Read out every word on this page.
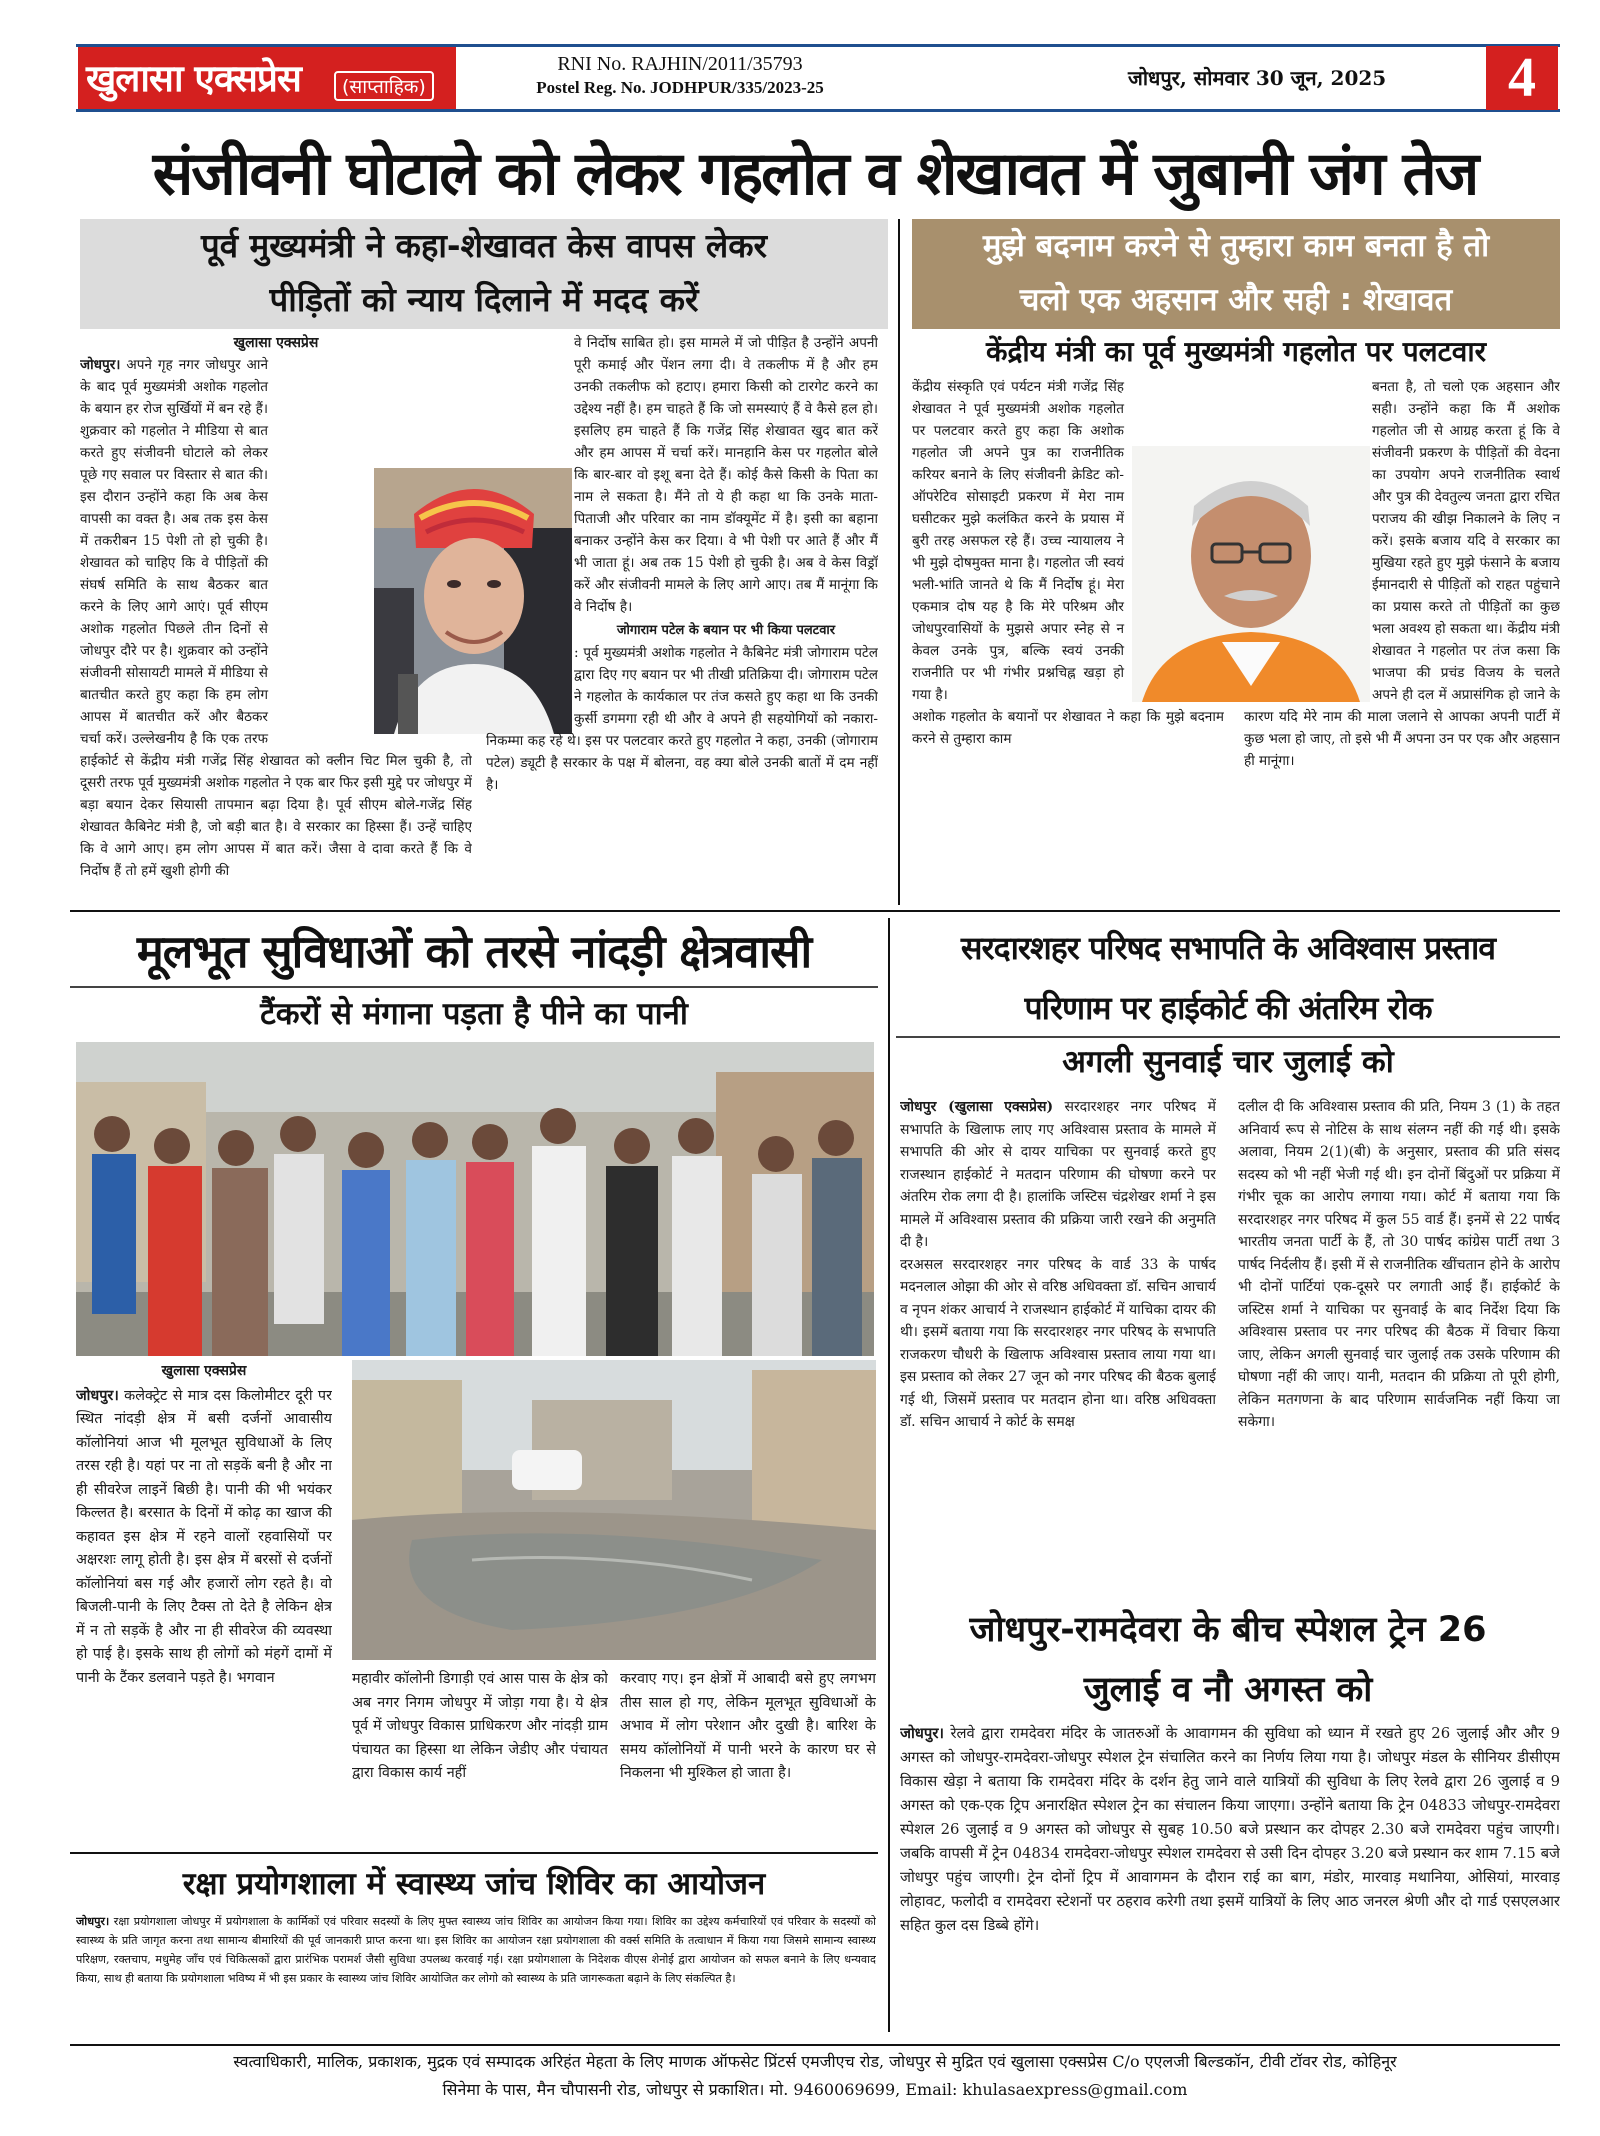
खुलासा एक्सप्रेस	(साप्ताहिक)
RNI No. RAJHIN/2011/35793
Postel Reg. No. JODHPUR/335/2023-25	जोधपुर, सोमवार 30 जून, 2025	4
संजीवनी घोटाले को लेकर गहलोत व शेखावत में जुबानी जंग तेज
पूर्व मुख्यमंत्री ने कहा-शेखावत केस वापस लेकर
पीड़ितों को न्याय दिलाने में मदद करें
खुलासा एक्सप्रेस
जोधपुर। अपने गृह नगर जोधपुर आने के बाद पूर्व मुख्यमंत्री अशोक गहलोत के बयान हर रोज सुर्खियों में बन रहे हैं। शुक्रवार को गहलोत ने मीडिया से बात करते हुए संजीवनी घोटाले को लेकर पूछे गए सवाल पर विस्तार से बात की। इस दौरान उन्होंने कहा कि अब केस वापसी का वक्त है। अब तक इस केस में तकरीबन 15 पेशी तो हो चुकी है। शेखावत को चाहिए कि वे पीड़ितों की संघर्ष समिति के साथ बैठकर बात करने के लिए आगे आएं। पूर्व सीएम अशोक गहलोत पिछले तीन दिनों से जोधपुर दौरे पर है। शुक्रवार को उन्होंने संजीवनी सोसायटी मामले में मीडिया से बातचीत करते हुए कहा कि हम लोग आपस में बातचीत करें और बैठकर चर्चा करें। उल्लेखनीय है कि एक तरफ हाईकोर्ट से केंद्रीय मंत्री गजेंद्र सिंह शेखावत को क्लीन चिट मिल चुकी है, तो दूसरी तरफ पूर्व मुख्यमंत्री अशोक गहलोत ने एक बार फिर इसी मुद्दे पर जोधपुर में बड़ा बयान देकर सियासी तापमान बढ़ा दिया है। पूर्व सीएम बोले-गजेंद्र सिंह शेखावत कैबिनेट मंत्री है, जो बड़ी बात है। वे सरकार का हिस्सा हैं। उन्हें चाहिए कि वे आगे आए। हम लोग आपस में बात करें। जैसा वे दावा करते हैं कि वे निर्दोष हैं तो हमें खुशी होगी की
वे निर्दोष साबित हो। इस मामले में जो पीड़ित है उन्होंने अपनी पूरी कमाई और पेंशन लगा दी। वे तकलीफ में है और हम उनकी तकलीफ को हटाए। हमारा किसी को टारगेट करने का उद्देश्य नहीं है। हम चाहते हैं कि जो समस्याएं हैं वे कैसे हल हो। इसलिए हम चाहते हैं कि गजेंद्र सिंह शेखावत खुद बात करें और हम आपस में चर्चा करें। मानहानि केस पर गहलोत बोले कि बार-बार वो इशू बना देते हैं। कोई कैसे किसी के पिता का नाम ले सकता है। मैंने तो ये ही कहा था कि उनके माता-पिताजी और परिवार का नाम डॉक्यूमेंट में है। इसी का बहाना बनाकर उन्होंने केस कर दिया। वे भी पेशी पर आते हैं और मैं भी जाता हूं। अब तक 15 पेशी हो चुकी है। अब वे केस विड्रॉ करें और संजीवनी मामले के लिए आगे आए। तब मैं मानूंगा कि वे निर्दोष है।
जोगाराम पटेल के बयान पर भी किया पलटवार
: पूर्व मुख्यमंत्री अशोक गहलोत ने कैबिनेट मंत्री जोगाराम पटेल द्वारा दिए गए बयान पर भी तीखी प्रतिक्रिया दी। जोगाराम पटेल ने गहलोत के कार्यकाल पर तंज कसते हुए कहा था कि उनकी कुर्सी डगमगा रही थी और वे अपने ही सहयोगियों को नकारा-निकम्मा कह रहे थे। इस पर पलटवार करते हुए गहलोत ने कहा, उनकी (जोगाराम पटेल) ड्यूटी है सरकार के पक्ष में बोलना, वह क्या बोले उनकी बातों में दम नहीं है।
मुझे बदनाम करने से तुम्हारा काम बनता है तो
चलो एक अहसान और सही : शेखावत
केंद्रीय मंत्री का पूर्व मुख्यमंत्री गहलोत पर पलटवार
केंद्रीय संस्कृति एवं पर्यटन मंत्री गजेंद्र सिंह शेखावत ने पूर्व मुख्यमंत्री अशोक गहलोत पर पलटवार करते हुए कहा कि अशोक गहलोत जी अपने पुत्र का राजनीतिक करियर बनाने के लिए संजीवनी क्रेडिट को-ऑपरेटिव सोसाइटी प्रकरण में मेरा नाम घसीटकर मुझे कलंकित करने के प्रयास में बुरी तरह असफल रहे हैं। उच्च न्यायालय ने भी मुझे दोषमुक्त माना है। गहलोत जी स्वयं भली-भांति जानते थे कि मैं निर्दोष हूं। मेरा एकमात्र दोष यह है कि मेरे परिश्रम और जोधपुरवासियों के मुझसे अपार स्नेह से न केवल उनके पुत्र, बल्कि स्वयं उनकी राजनीति पर भी गंभीर प्रश्नचिह्न खड़ा हो गया है।
अशोक गहलोत के बयानों पर शेखावत ने कहा कि मुझे बदनाम करने से तुम्हारा काम
बनता है, तो चलो एक अहसान और सही। उन्होंने कहा कि मैं अशोक गहलोत जी से आग्रह करता हूं कि वे संजीवनी प्रकरण के पीड़ितों की वेदना का उपयोग अपने राजनीतिक स्वार्थ और पुत्र की देवतुल्य जनता द्वारा रचित पराजय की खीझ निकालने के लिए न करें। इसके बजाय यदि वे सरकार का मुखिया रहते हुए मुझे फंसाने के बजाय ईमानदारी से पीड़ितों को राहत पहुंचाने का प्रयास करते तो पीड़ितों का कुछ भला अवश्य हो सकता था। केंद्रीय मंत्री शेखावत ने गहलोत पर तंज कसा कि भाजपा की प्रचंड विजय के चलते अपने ही दल में अप्रासंगिक हो जाने के कारण यदि मेरे नाम की माला जलाने से आपका अपनी पार्टी में कुछ भला हो जाए, तो इसे भी मैं अपना उन पर एक और अहसान ही मानूंगा।
मूलभूत सुविधाओं को तरसे नांदड़ी क्षेत्रवासी
टैंकरों से मंगाना पड़ता है पीने का पानी
खुलासा एक्सप्रेस
जोधपुर। कलेक्ट्रेट से मात्र दस किलोमीटर दूरी पर स्थित नांदड़ी क्षेत्र में बसी दर्जनों आवासीय कॉलोनियां आज भी मूलभूत सुविधाओं के लिए तरस रही है। यहां पर ना तो सड़कें बनी है और ना ही सीवरेज लाइनें बिछी है। पानी की भी भयंकर किल्लत है। बरसात के दिनों में कोढ़ का खाज की कहावत इस क्षेत्र में रहने वालों रहवासियों पर अक्षरशः लागू होती है। इस क्षेत्र में बरसों से दर्जनों कॉलोनियां बस गई और हजारों लोग रहते है। वो बिजली-पानी के लिए टैक्स तो देते है लेकिन क्षेत्र में न तो सड़कें है और ना ही सीवरेज की व्यवस्था हो पाई है। इसके साथ ही लोगों को मंहगें दामों में पानी के टैंकर डलवाने पड़ते है। भगवान	महावीर कॉलोनी डिगाड़ी एवं आस पास के क्षेत्र को अब नगर निगम जोधपुर में जोड़ा गया है। ये क्षेत्र पूर्व में जोधपुर विकास प्राधिकरण और नांदड़ी ग्राम पंचायत का हिस्सा था लेकिन जेडीए और पंचायत द्वारा विकास कार्य नहीं
करवाए गए। इन क्षेत्रों में आबादी बसे हुए लगभग तीस साल हो गए, लेकिन मूलभूत सुविधाओं के अभाव में लोग परेशान और दुखी है। बारिश के समय कॉलोनियों में पानी भरने के कारण घर से निकलना भी मुश्किल हो जाता है।
सरदारशहर परिषद सभापति के अविश्वास प्रस्ताव
परिणाम पर हाईकोर्ट की अंतरिम रोक
अगली सुनवाई चार जुलाई को
जोधपुर (खुलासा एक्सप्रेस) सरदारशहर नगर परिषद में सभापति के खिलाफ लाए गए अविश्वास प्रस्ताव के मामले में सभापति की ओर से दायर याचिका पर सुनवाई करते हुए राजस्थान हाईकोर्ट ने मतदान परिणाम की घोषणा करने पर अंतरिम रोक लगा दी है। हालांकि जस्टिस चंद्रशेखर शर्मा ने इस मामले में अविश्वास प्रस्ताव की प्रक्रिया जारी रखने की अनुमति दी है।
दरअसल सरदारशहर नगर परिषद के वार्ड 33 के पार्षद मदनलाल ओझा की ओर से वरिष्ठ अधिवक्ता डॉ. सचिन आचार्य व नृपन शंकर आचार्य ने राजस्थान हाईकोर्ट में याचिका दायर की थी। इसमें बताया गया कि सरदारशहर नगर परिषद के सभापति राजकरण चौधरी के खिलाफ अविश्वास प्रस्ताव लाया गया था। इस प्रस्ताव को लेकर 27 जून को नगर परिषद की बैठक बुलाई गई थी, जिसमें प्रस्ताव पर मतदान होना था। वरिष्ठ अधिवक्ता डॉ. सचिन आचार्य ने कोर्ट के समक्ष
दलील दी कि अविश्वास प्रस्ताव की प्रति, नियम 3 (1) के तहत अनिवार्य रूप से नोटिस के साथ संलग्न नहीं की गई थी। इसके अलावा, नियम 2(1)(बी) के अनुसार, प्रस्ताव की प्रति संसद सदस्य को भी नहीं भेजी गई थी। इन दोनों बिंदुओं पर प्रक्रिया में गंभीर चूक का आरोप लगाया गया। कोर्ट में बताया गया कि सरदारशहर नगर परिषद में कुल 55 वार्ड हैं। इनमें से 22 पार्षद भारतीय जनता पार्टी के हैं, तो 30 पार्षद कांग्रेस पार्टी तथा 3 पार्षद निर्दलीय हैं। इसी में से राजनीतिक खींचतान होने के आरोप भी दोनों पार्टियां एक-दूसरे पर लगाती आई हैं। हाईकोर्ट के जस्टिस शर्मा ने याचिका पर सुनवाई के बाद निर्देश दिया कि अविश्वास प्रस्ताव पर नगर परिषद की बैठक में विचार किया जाए, लेकिन अगली सुनवाई चार जुलाई तक उसके परिणाम की घोषणा नहीं की जाए। यानी, मतदान की प्रक्रिया तो पूरी होगी, लेकिन मतगणना के बाद परिणाम सार्वजनिक नहीं किया जा सकेगा।
जोधपुर-रामदेवरा के बीच स्पेशल ट्रेन 26
जुलाई व नौ अगस्त को
जोधपुर। रेलवे द्वारा रामदेवरा मंदिर के जातरुओं के आवागमन की सुविधा को ध्यान में रखते हुए 26 जुलाई और और 9 अगस्त को जोधपुर-रामदेवरा-जोधपुर स्पेशल ट्रेन संचालित करने का निर्णय लिया गया है। जोधपुर मंडल के सीनियर डीसीएम विकास खेड़ा ने बताया कि रामदेवरा मंदिर के दर्शन हेतु जाने वाले यात्रियों की सुविधा के लिए रेलवे द्वारा 26 जुलाई व 9 अगस्त को एक-एक ट्रिप अनारक्षित स्पेशल ट्रेन का संचालन किया जाएगा। उन्होंने बताया कि ट्रेन 04833 जोधपुर-रामदेवरा स्पेशल 26 जुलाई व 9 अगस्त को जोधपुर से सुबह 10.50 बजे प्रस्थान कर दोपहर 2.30 बजे रामदेवरा पहुंच जाएगी। जबकि वापसी में ट्रेन 04834 रामदेवरा-जोधपुर स्पेशल रामदेवरा से उसी दिन दोपहर 3.20 बजे प्रस्थान कर शाम 7.15 बजे जोधपुर पहुंच जाएगी। ट्रेन दोनों ट्रिप में आवागमन के दौरान राई का बाग, मंडोर, मारवाड़ मथानिया, ओसियां, मारवाड़ लोहावट, फलोदी व रामदेवरा स्टेशनों पर ठहराव करेगी तथा इसमें यात्रियों के लिए आठ जनरल श्रेणी और दो गार्ड एसएलआर सहित कुल दस डिब्बे होंगे।
रक्षा प्रयोगशाला में स्वास्थ्य जांच शिविर का आयोजन
जोधपुर। रक्षा प्रयोगशाला जोधपुर में प्रयोगशाला के कार्मिकों एवं परिवार सदस्यों के लिए मुफ्त स्वास्थ्य जांच शिविर का आयोजन किया गया। शिविर का उद्देश्य कर्मचारियों एवं परिवार के सदस्यों को स्वास्थ्य के प्रति जागृत करना तथा सामान्य बीमारियों की पूर्व जानकारी प्राप्त करना था। इस शिविर का आयोजन रक्षा प्रयोगशाला की वर्क्स समिति के तत्वाधान में किया गया जिसमे सामान्य स्वास्थ्य परिक्षण, रक्तचाप, मधुमेह जाँच एवं चिकित्सकों द्वारा प्रारंभिक परामर्श जैसी सुविधा उपलब्ध करवाई गई। रक्षा प्रयोगशाला के निदेशक वीएस शेनोई द्वारा आयोजन को सफल बनाने के लिए धन्यवाद किया, साथ ही बताया कि प्रयोगशाला भविष्य में भी इस प्रकार के स्वास्थ्य जांच शिविर आयोजित कर लोगो को स्वास्थ्य के प्रति जागरूकता बढ़ाने के लिए संकल्पित है।
स्वत्वाधिकारी, मालिक, प्रकाशक, मुद्रक एवं सम्पादक अरिहंत मेहता के लिए माणक ऑफसेट प्रिंटर्स एमजीएच रोड, जोधपुर से मुद्रित एवं खुलासा एक्सप्रेस C/o एएलजी बिल्डकॉन, टीवी टॉवर रोड, कोहिनूर
सिनेमा के पास, मैन चौपासनी रोड, जोधपुर से प्रकाशित। मो. 9460069699, Email: khulasaexpress@gmail.com
